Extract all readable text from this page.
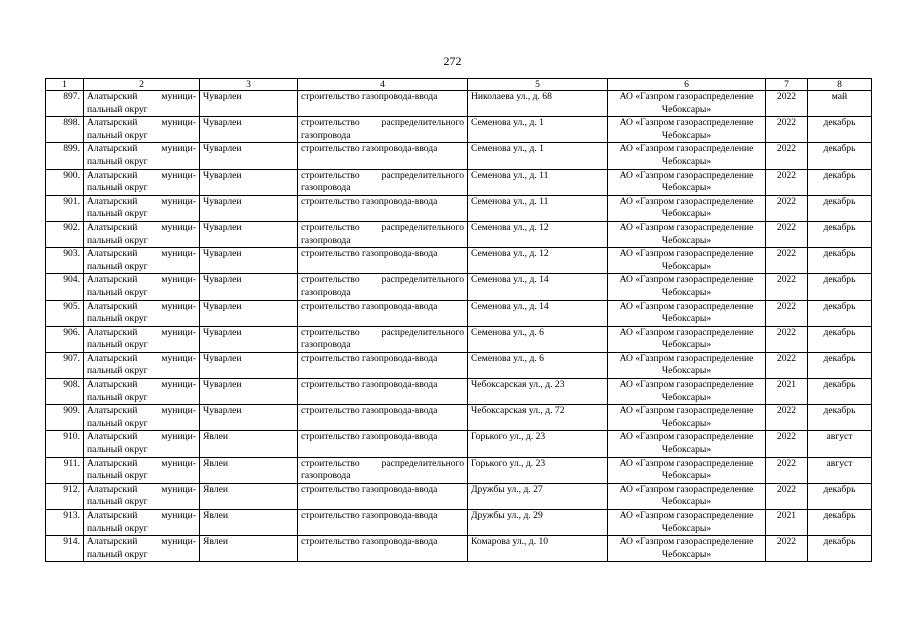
272
1	2	3	4	5	6	7	8
897.	Алатырский муници-пальный округ	Чуварлеи	строительство газопровода-ввода	Николаева ул., д. 68	АО «Газпром газораспределение Чебоксары»	2022	май
898.	Алатырский муници-пальный округ	Чуварлеи	строительство распределительного газопровода	Семенова ул., д. 1	АО «Газпром газораспределение Чебоксары»	2022	декабрь
899.	Алатырский муници-пальный округ	Чуварлеи	строительство газопровода-ввода	Семенова ул., д. 1	АО «Газпром газораспределение Чебоксары»	2022	декабрь
900.	Алатырский муници-пальный округ	Чуварлеи	строительство распределительного газопровода	Семенова ул., д. 11	АО «Газпром газораспределение Чебоксары»	2022	декабрь
901.	Алатырский муници-пальный округ	Чуварлеи	строительство газопровода-ввода	Семенова ул., д. 11	АО «Газпром газораспределение Чебоксары»	2022	декабрь
902.	Алатырский муници-пальный округ	Чуварлеи	строительство распределительного газопровода	Семенова ул., д. 12	АО «Газпром газораспределение Чебоксары»	2022	декабрь
903.	Алатырский муници-пальный округ	Чуварлеи	строительство газопровода-ввода	Семенова ул., д. 12	АО «Газпром газораспределение Чебоксары»	2022	декабрь
904.	Алатырский муници-пальный округ	Чуварлеи	строительство распределительного газопровода	Семенова ул., д. 14	АО «Газпром газораспределение Чебоксары»	2022	декабрь
905.	Алатырский муници-пальный округ	Чуварлеи	строительство газопровода-ввода	Семенова ул., д. 14	АО «Газпром газораспределение Чебоксары»	2022	декабрь
906.	Алатырский муници-пальный округ	Чуварлеи	строительство распределительного газопровода	Семенова ул., д. 6	АО «Газпром газораспределение Чебоксары»	2022	декабрь
907.	Алатырский муници-пальный округ	Чуварлеи	строительство газопровода-ввода	Семенова ул., д. 6	АО «Газпром газораспределение Чебоксары»	2022	декабрь
908.	Алатырский муници-пальный округ	Чуварлеи	строительство газопровода-ввода	Чебоксарская ул., д. 23	АО «Газпром газораспределение Чебоксары»	2021	декабрь
909.	Алатырский муници-пальный округ	Чуварлеи	строительство газопровода-ввода	Чебоксарская ул., д. 72	АО «Газпром газораспределение Чебоксары»	2022	декабрь
910.	Алатырский муници-пальный округ	Явлеи	строительство газопровода-ввода	Горького ул., д. 23	АО «Газпром газораспределение Чебоксары»	2022	август
911.	Алатырский муници-пальный округ	Явлеи	строительство распределительного газопровода	Горького ул., д. 23	АО «Газпром газораспределение Чебоксары»	2022	август
912.	Алатырский муници-пальный округ	Явлеи	строительство газопровода-ввода	Дружбы ул., д. 27	АО «Газпром газораспределение Чебоксары»	2022	декабрь
913.	Алатырский муници-пальный округ	Явлеи	строительство газопровода-ввода	Дружбы ул., д. 29	АО «Газпром газораспределение Чебоксары»	2021	декабрь
914.	Алатырский муници-пальный округ	Явлеи	строительство газопровода-ввода	Комарова ул., д. 10	АО «Газпром газораспределение Чебоксары»	2022	декабрь
